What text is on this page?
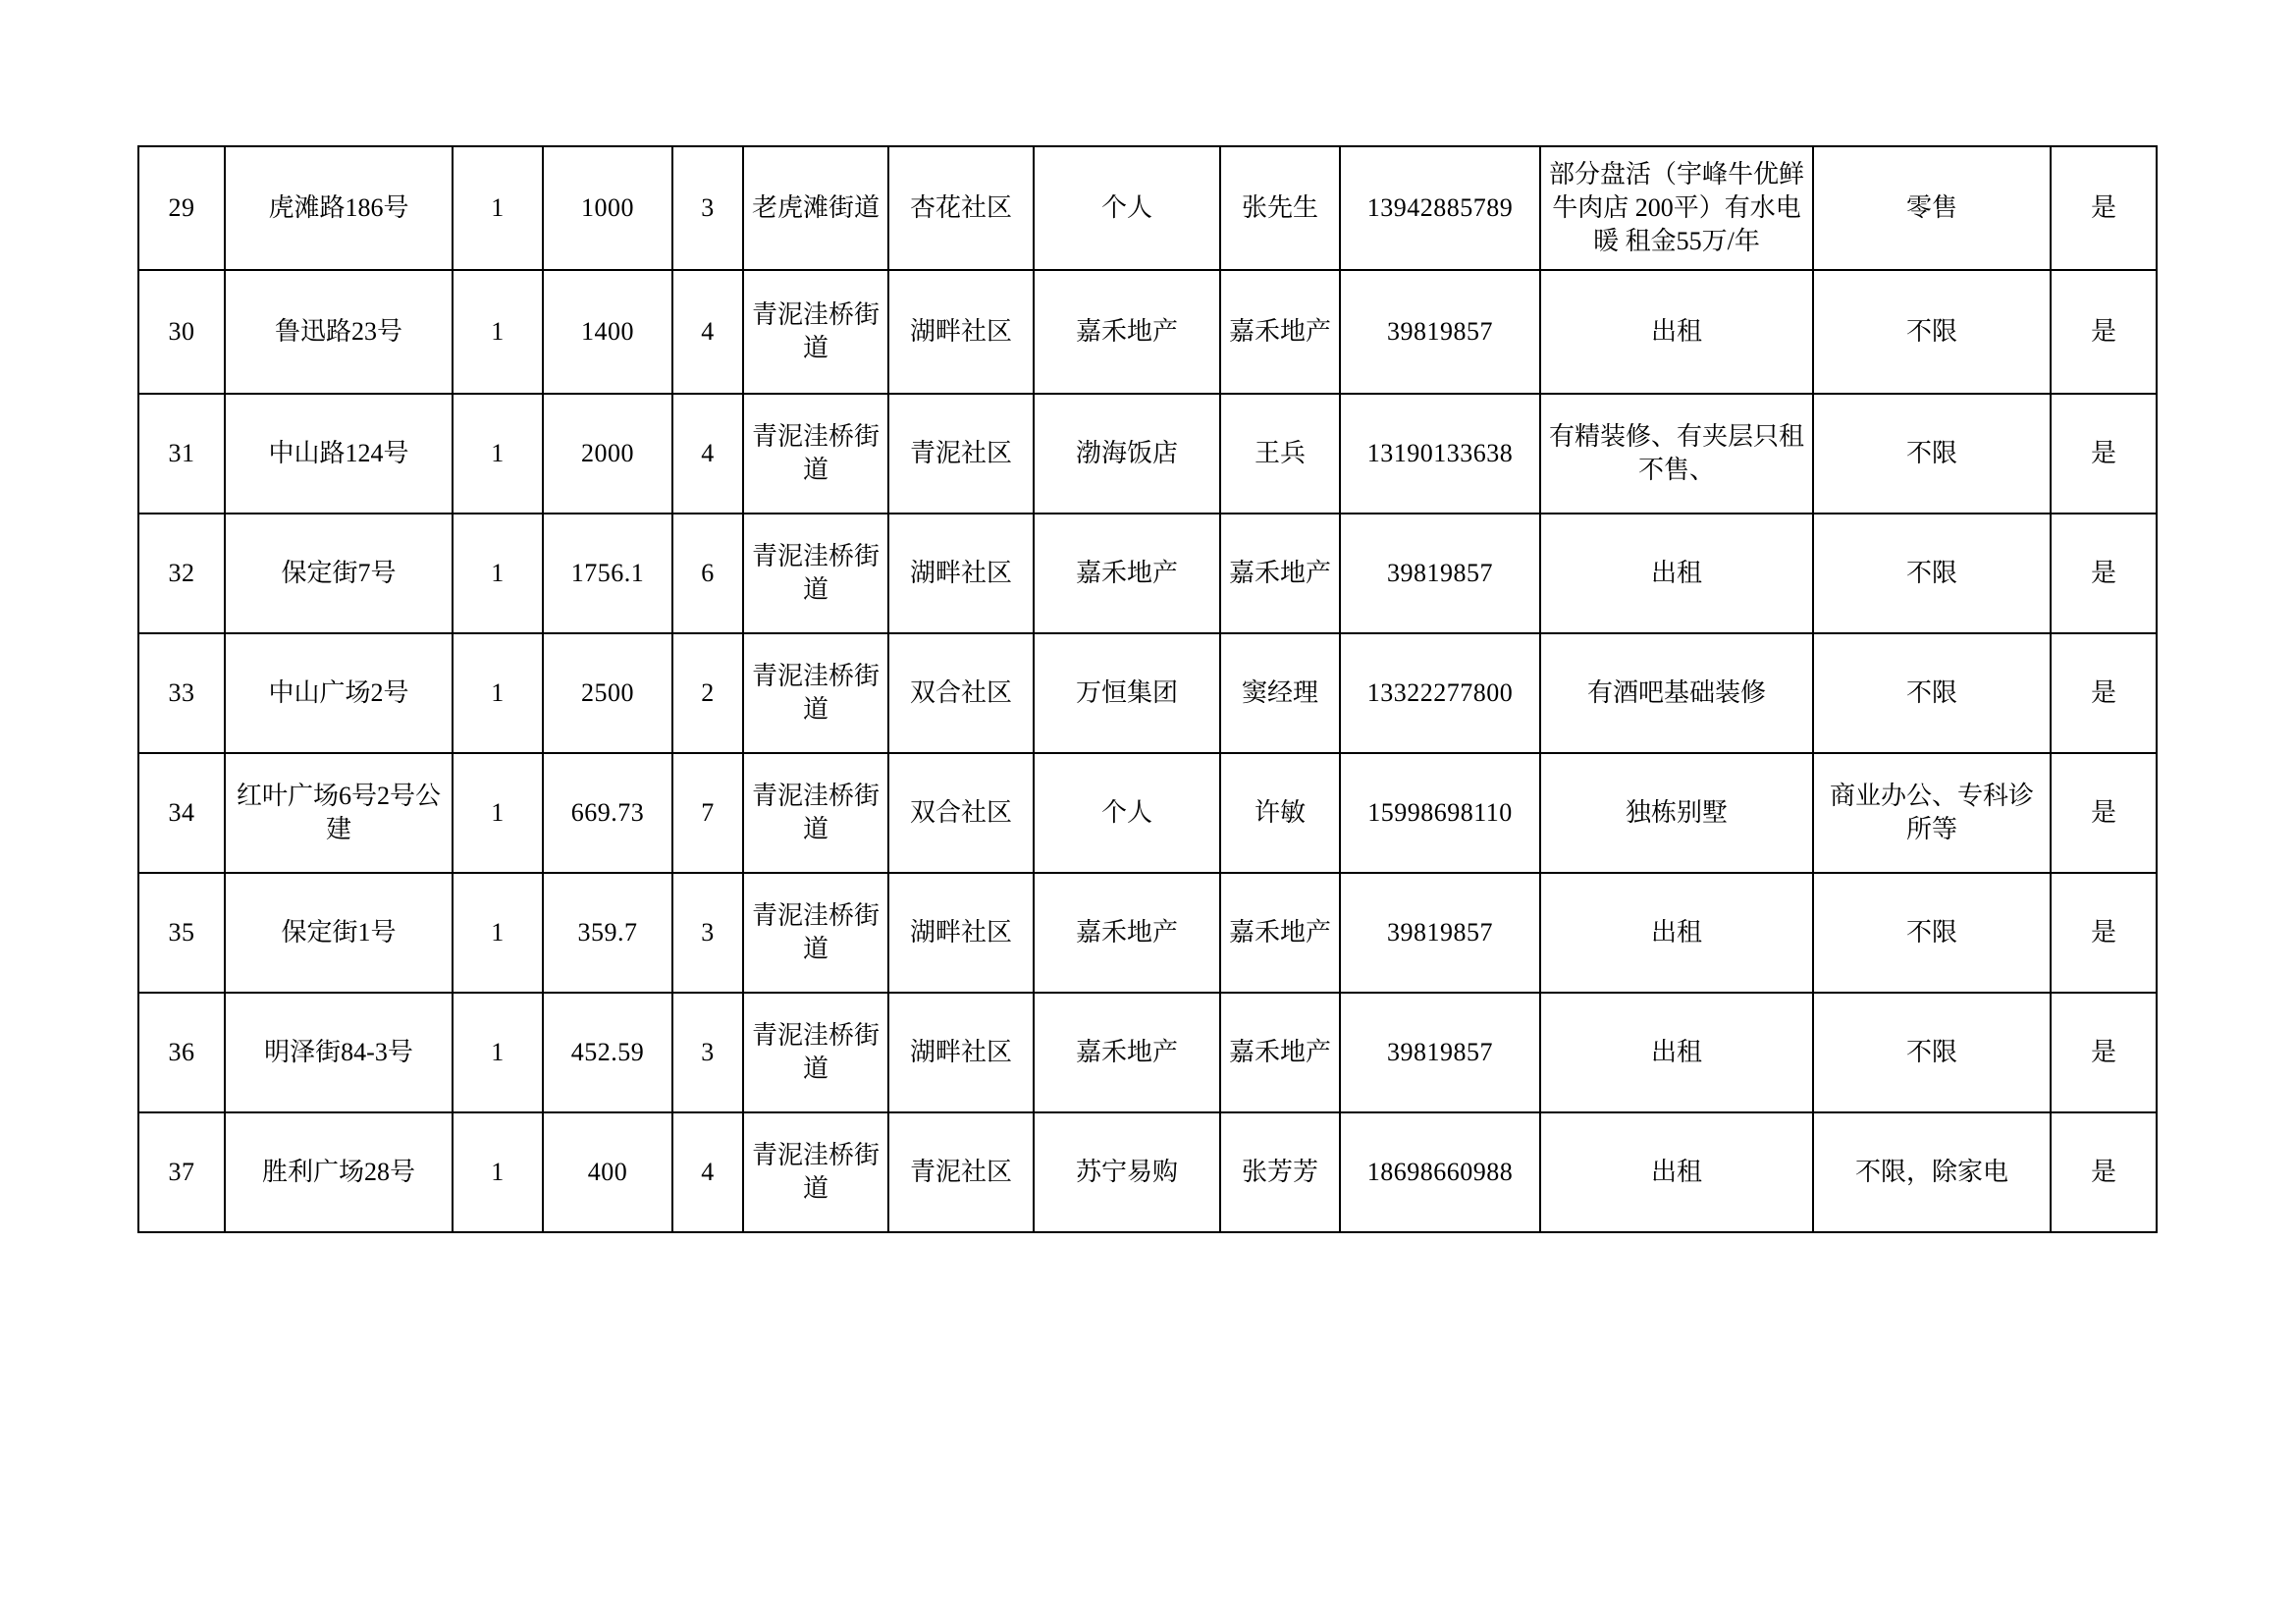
29	虎滩路186号	1	1000	3	老虎滩街道	杏花社区	个人	张先生	13942885789	部分盘活（宇峰牛优鲜牛肉店 200平）有水电暖 租金55万/年	零售	是
30	鲁迅路23号	1	1400	4	青泥洼桥街道	湖畔社区	嘉禾地产	嘉禾地产	39819857	出租	不限	是
31	中山路124号	1	2000	4	青泥洼桥街道	青泥社区	渤海饭店	王兵	13190133638	有精装修、有夹层只租不售、	不限	是
32	保定街7号	1	1756.1	6	青泥洼桥街道	湖畔社区	嘉禾地产	嘉禾地产	39819857	出租	不限	是
33	中山广场2号	1	2500	2	青泥洼桥街道	双合社区	万恒集团	窦经理	13322277800	有酒吧基础装修	不限	是
34	红叶广场6号2号公建	1	669.73	7	青泥洼桥街道	双合社区	个人	许敏	15998698110	独栋别墅	商业办公、专科诊所等	是
35	保定街1号	1	359.7	3	青泥洼桥街道	湖畔社区	嘉禾地产	嘉禾地产	39819857	出租	不限	是
36	明泽街84-3号	1	452.59	3	青泥洼桥街道	湖畔社区	嘉禾地产	嘉禾地产	39819857	出租	不限	是
37	胜利广场28号	1	400	4	青泥洼桥街道	青泥社区	苏宁易购	张芳芳	18698660988	出租	不限，除家电	是
